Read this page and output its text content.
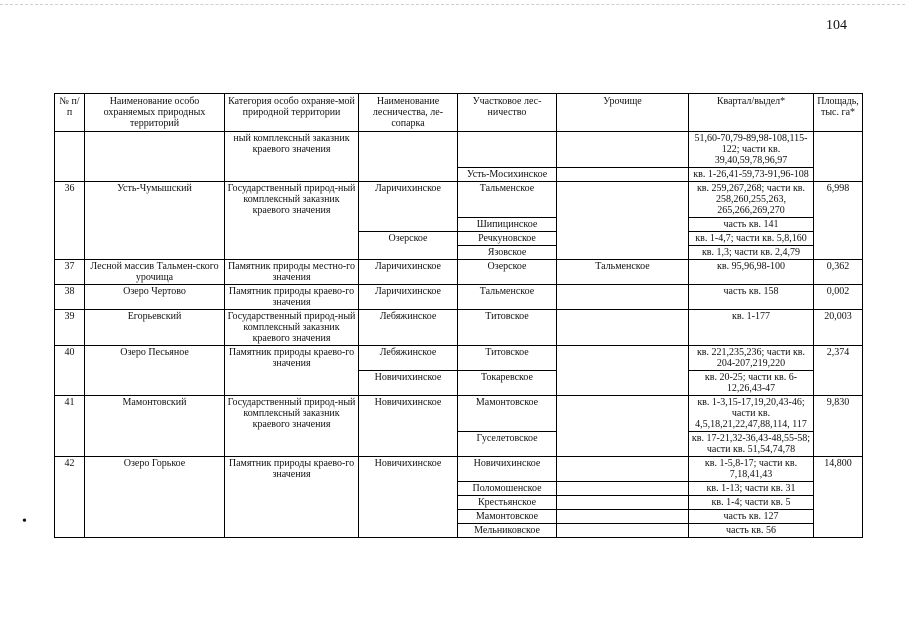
104
•
№ п/п	Наименование особо охраняемых природных территорий	Категория особо охраняе-мой природной территории	Наименование лесничества, ле-сопарка	Участковое лес-ничество	Урочище	Квартал/выдел*	Площадь, тыс. га*
		ный комплексный заказник краевого значения				51,60-70,79-89,98-108,115-122; части кв. 39,40,59,78,96,97	
				Усть-Мосихинское		кв. 1-26,41-59,73-91,96-108	
36	Усть-Чумышский	Государственный природ-ный комплексный заказник краевого значения	Ларичихинское	Тальменское		кв. 259,267,268; части кв. 258,260,255,263, 265,266,269,270	6,998
				Шипицинское		часть кв. 141	
			Озерское	Речкуновское		кв. 1-4,7; части кв. 5,8,160	
				Язовское		кв. 1,3; части кв. 2,4,79	
37	Лесной массив Тальмен-ского урочища	Памятник природы местно-го значения	Ларичихинское	Озерское	Тальменское	кв. 95,96,98-100	0,362
38	Озеро Чертово	Памятник природы краево-го значения	Ларичихинское	Тальменское		часть кв. 158	0,002
39	Егорьевский	Государственный природ-ный комплексный заказник краевого значения	Лебяжинское	Титовское		кв. 1-177	20,003
40	Озеро Песьяное	Памятник природы краево-го значения	Лебяжинское	Титовское		кв. 221,235,236; части кв. 204-207,219,220	2,374
			Новичихинское	Токаревское		кв. 20-25; части кв. 6-12,26,43-47	
41	Мамонтовский	Государственный природ-ный комплексный заказник краевого значения	Новичихинское	Мамонтовское		кв. 1-3,15-17,19,20,43-46; части кв. 4,5,18,21,22,47,88,114, 117	9,830
				Гуселетовское		кв. 17-21,32-36,43-48,55-58; части кв. 51,54,74,78	
42	Озеро Горькое	Памятник природы краево-го значения	Новичихинское	Новичихинское		кв. 1-5,8-17; части кв. 7,18,41,43	14,800
				Поломошенское		кв. 1-13; части кв. 31	
				Крестьянское		кв. 1-4; части кв. 5	
				Мамонтовское		часть кв. 127	
				Мельниковское		часть кв. 56	
